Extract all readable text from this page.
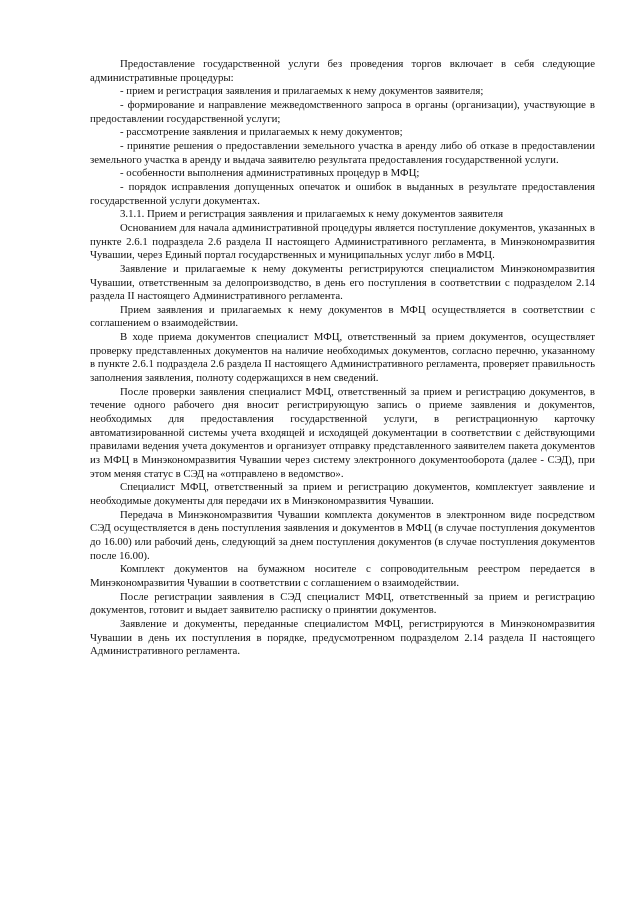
Предоставление государственной услуги без проведения торгов включает в себя следующие административные процедуры:

- прием и регистрация заявления и прилагаемых к нему документов заявителя;

- формирование и направление межведомственного запроса в органы (организации), участвующие в предоставлении государственной услуги;

- рассмотрение заявления и прилагаемых к нему документов;

- принятие решения о предоставлении земельного участка в аренду либо об отказе в предоставлении земельного участка в аренду и выдача заявителю результата предоставления государственной услуги.

- особенности выполнения административных процедур в МФЦ;

- порядок исправления допущенных опечаток и ошибок в выданных в результате предоставления государственной услуги документах.

3.1.1. Прием и регистрация заявления и прилагаемых к нему документов заявителя

Основанием для начала административной процедуры является поступление документов, указанных в пункте 2.6.1 подраздела 2.6 раздела II настоящего Административного регламента, в Минэкономразвития Чувашии, через Единый портал государственных и муниципальных услуг либо в МФЦ.

Заявление и прилагаемые к нему документы регистрируются специалистом Минэкономразвития Чувашии, ответственным за делопроизводство, в день его поступления в соответствии с подразделом 2.14 раздела II настоящего Административного регламента.

Прием заявления и прилагаемых к нему документов в МФЦ осуществляется в соответствии с соглашением о взаимодействии.

В ходе приема документов специалист МФЦ, ответственный за прием документов, осуществляет проверку представленных документов на наличие необходимых документов, согласно перечню, указанному в пункте 2.6.1 подраздела 2.6 раздела II настоящего Административного регламента, проверяет правильность заполнения заявления, полноту содержащихся в нем сведений.

После проверки заявления специалист МФЦ, ответственный за прием и регистрацию документов, в течение одного рабочего дня вносит регистрирующую запись о приеме заявления и документов, необходимых для предоставления государственной услуги, в регистрационную карточку автоматизированной системы учета входящей и исходящей документации в соответствии с действующими правилами ведения учета документов и организует отправку представленного заявителем пакета документов из МФЦ в Минэкономразвития Чувашии через систему электронного документооборота (далее - СЭД), при этом меняя статус в СЭД на «отправлено в ведомство».

Специалист МФЦ, ответственный за прием и регистрацию документов, комплектует заявление и необходимые документы для передачи их в Минэкономразвития Чувашии.

Передача в Минэкономразвития Чувашии комплекта документов в электронном виде посредством СЭД осуществляется в день поступления заявления и документов в МФЦ (в случае поступления документов до 16.00) или рабочий день, следующий за днем поступления документов (в случае поступления документов после 16.00).

Комплект документов на бумажном носителе с сопроводительным реестром передается в Минэкономразвития Чувашии в соответствии с соглашением о взаимодействии.

После регистрации заявления в СЭД специалист МФЦ, ответственный за прием и регистрацию документов, готовит и выдает заявителю расписку о принятии документов.

Заявление и документы, переданные специалистом МФЦ, регистрируются в Минэкономразвития Чувашии в день их поступления в порядке, предусмотренном подразделом 2.14 раздела II настоящего Административного регламента.
